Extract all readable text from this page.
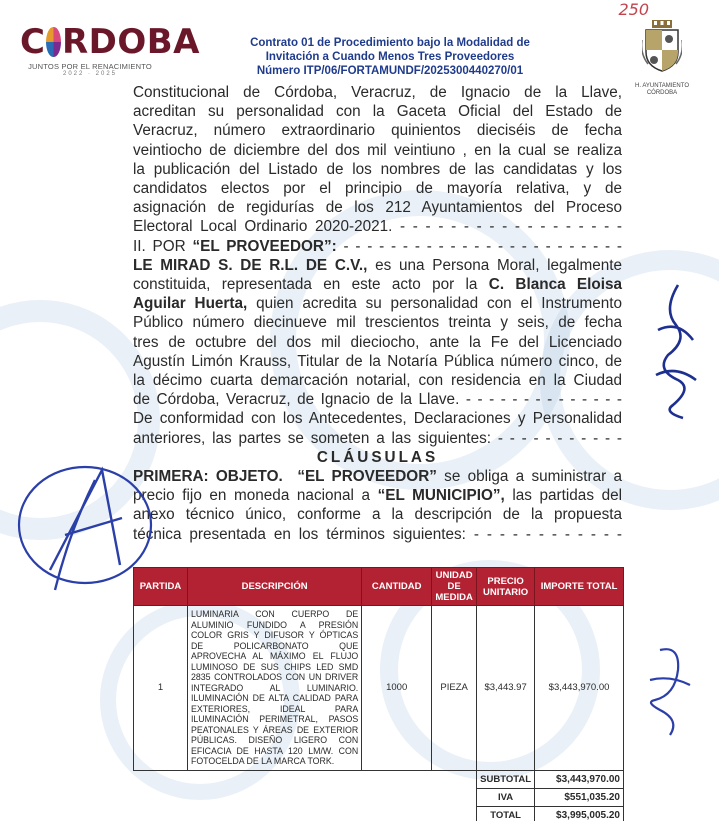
250
C RDOBA
JUNTOS POR EL RENACIMIENTO
2022 · 2025
Contrato 01 de Procedimiento bajo la Modalidad de
Invitación a Cuando Menos Tres Proveedores
Número ITP/06/FORTAMUNDF/2025300440270/01
H. AYUNTAMIENTO
CÓRDOBA
Constitucional de Córdoba, Veracruz, de Ignacio de la Llave,
acreditan su personalidad con la Gaceta Oficial del Estado de
Veracruz, número extraordinario quinientos dieciséis de fecha
veintiocho de diciembre del dos mil veintiuno , en la cual se realiza
la publicación del Listado de los nombres de las candidatas y los
candidatos electos por el principio de mayoría relativa, y de
asignación de regidurías de los 212 Ayuntamientos del Proceso
Electoral Local Ordinario 2020-2021. - - - - - - - - - - - - - - - - - -
II. POR “EL PROVEEDOR”: - - - - - - - - - - - - - - - - - - - - - - - -
LE MIRAD S. DE R.L. DE C.V., es una Persona Moral, legalmente
constituida, representada en este acto por la C. Blanca Eloisa
Aguilar Huerta, quien acredita su personalidad con el Instrumento
Público número diecinueve mil trescientos treinta y seis, de fecha
tres de octubre del dos mil dieciocho, ante la Fe del Licenciado
Agustín Limón Krauss, Titular de la Notaría Pública número cinco, de
la décimo cuarta demarcación notarial, con residencia en la Ciudad
de Córdoba, Veracruz, de Ignacio de la Llave. - - - - - - - - - - - - - -
De conformidad con los Antecedentes, Declaraciones y Personalidad
anteriores, las partes se someten a las siguientes: - - - - - - - - - - -
CLÁUSULAS
PRIMERA: OBJETO. “EL PROVEEDOR” se obliga a suministrar a
precio fijo en moneda nacional a “EL MUNICIPIO”, las partidas del
anexo técnico único, conforme a la descripción de la propuesta
técnica presentada en los términos siguientes: - - - - - - - - - - - -
PARTIDA	DESCRIPCIÓN	CANTIDAD	UNIDAD DE MEDIDA	PRECIO UNITARIO	IMPORTE TOTAL
1	LUMINARIA CON CUERPO DE ALUMINIO FUNDIDO A PRESIÓN COLOR GRIS Y DIFUSOR Y ÓPTICAS DE POLICARBONATO QUE APROVECHA AL MÁXIMO EL FLUJO LUMINOSO DE SUS CHIPS LED SMD 2835 CONTROLADOS CON UN DRIVER INTEGRADO AL LUMINARIO. ILUMINACIÓN DE ALTA CALIDAD PARA EXTERIORES, IDEAL PARA ILUMINACIÓN PERIMETRAL, PASOS PEATONALES Y ÁREAS DE EXTERIOR PÚBLICAS. DISEÑO LIGERO CON EFICACIA DE HASTA 120 LM/W. CON FOTOCELDA DE LA MARCA TORK.	1000	PIEZA	$3,443.97	$3,443,970.00
				SUBTOTAL	$3,443,970.00
				IVA	$551,035.20
				TOTAL	$3,995,005.20
